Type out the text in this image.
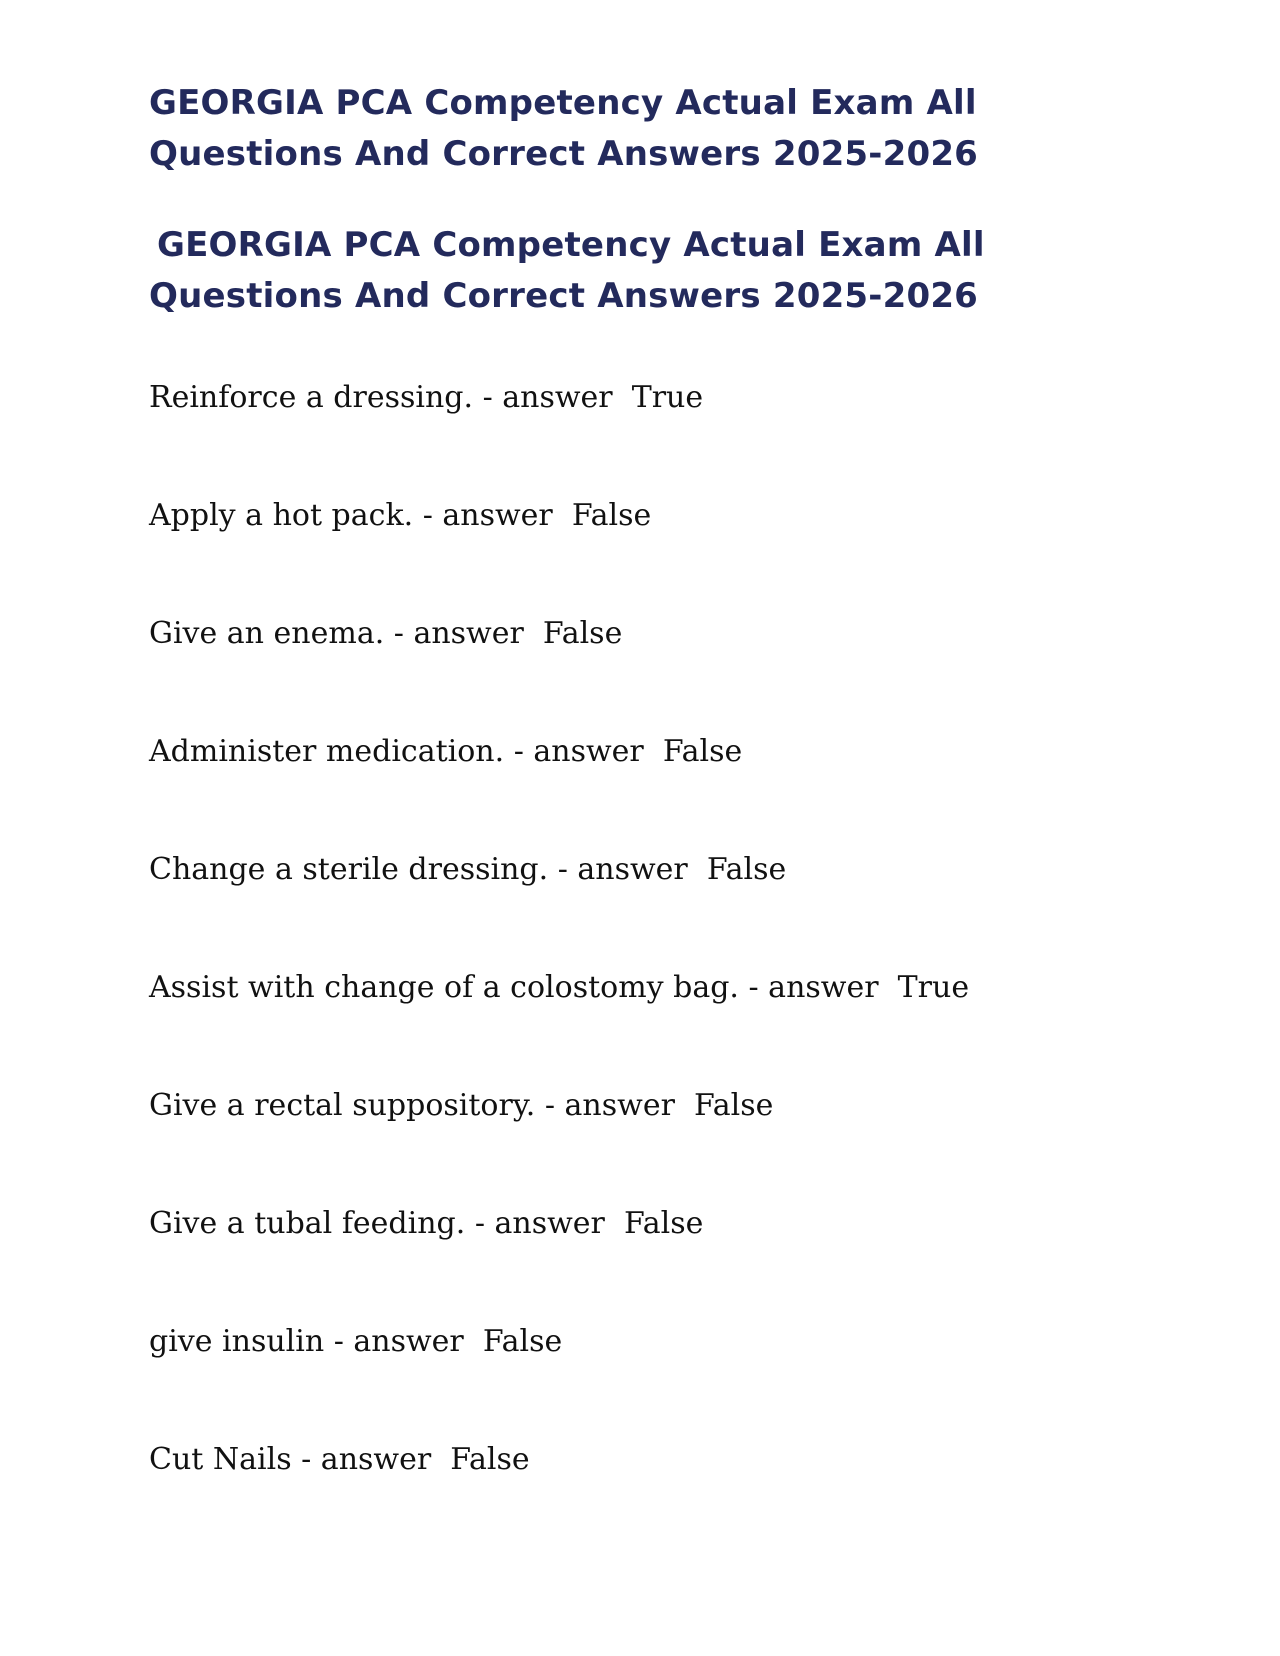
GEORGIA PCA Competency Actual Exam All
Questions And Correct Answers 2025-2026
GEORGIA PCA Competency Actual Exam All
Questions And Correct Answers 2025-2026
Reinforce a dressing. - answer  True
Apply a hot pack. - answer  False
Give an enema. - answer  False
Administer medication. - answer  False
Change a sterile dressing. - answer  False
Assist with change of a colostomy bag. - answer  True
Give a rectal suppository. - answer  False
Give a tubal feeding. - answer  False
give insulin - answer  False
Cut Nails - answer  False
